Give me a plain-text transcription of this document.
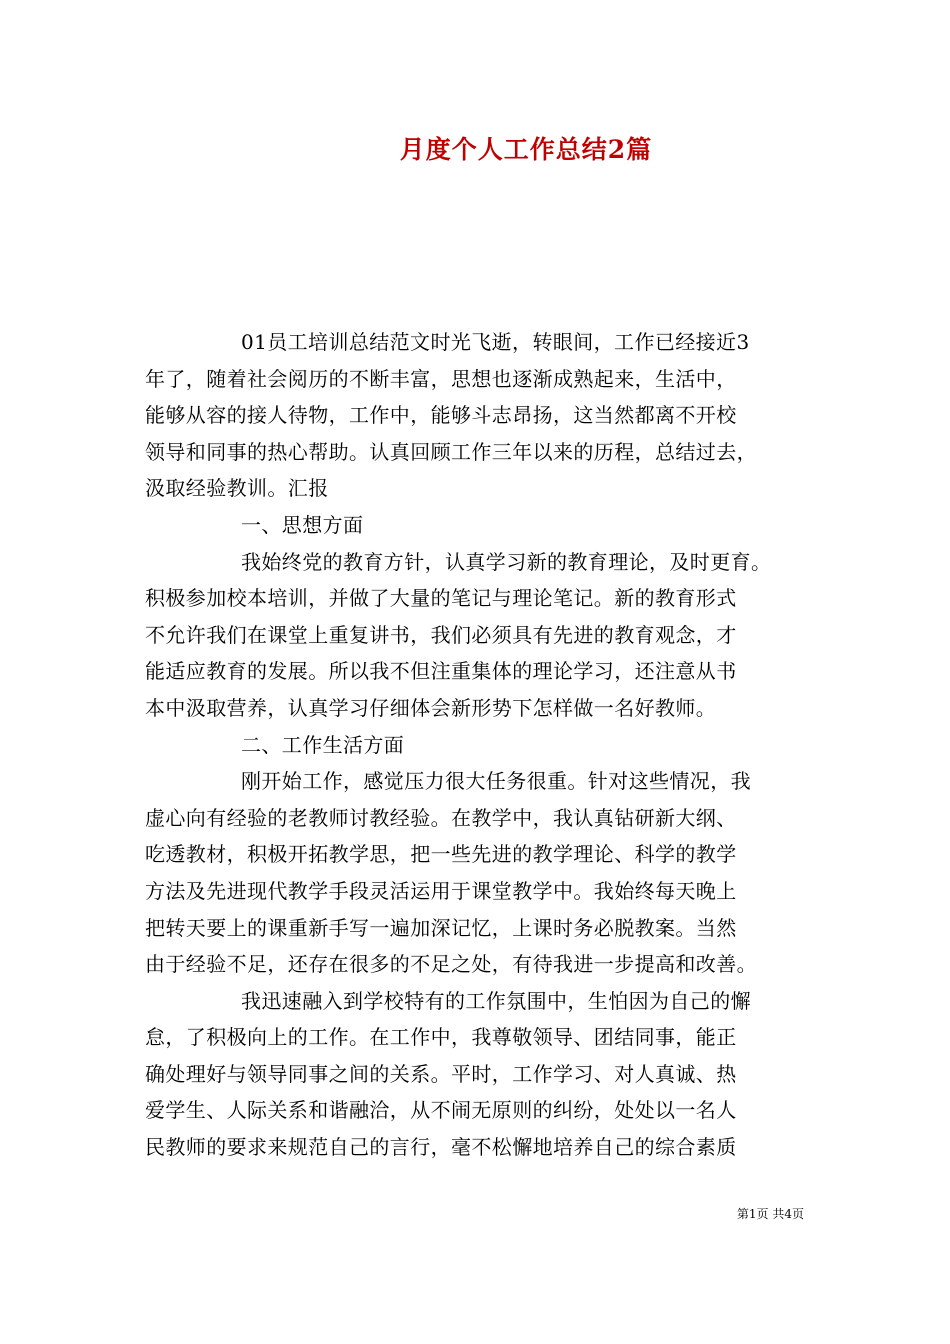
月度个人工作总结2篇
01员工培训总结范文时光飞逝，转眼间，工作已经接近3
年了，随着社会阅历的不断丰富，思想也逐渐成熟起来，生活中，
能够从容的接人待物，工作中，能够斗志昂扬，这当然都离不开校
领导和同事的热心帮助。认真回顾工作三年以来的历程，总结过去，
汲取经验教训。汇报
一、思想方面
我始终党的教育方针，认真学习新的教育理论，及时更育。
积极参加校本培训，并做了大量的笔记与理论笔记。新的教育形式
不允许我们在课堂上重复讲书，我们必须具有先进的教育观念，才
能适应教育的发展。所以我不但注重集体的理论学习，还注意从书
本中汲取营养，认真学习仔细体会新形势下怎样做一名好教师。
二、工作生活方面
刚开始工作，感觉压力很大任务很重。针对这些情况，我
虚心向有经验的老教师讨教经验。在教学中，我认真钻研新大纲、
吃透教材，积极开拓教学思，把一些先进的教学理论、科学的教学
方法及先进现代教学手段灵活运用于课堂教学中。我始终每天晚上
把转天要上的课重新手写一遍加深记忆，上课时务必脱教案。当然
由于经验不足，还存在很多的不足之处，有待我进一步提高和改善。
我迅速融入到学校特有的工作氛围中，生怕因为自己的懈
怠，了积极向上的工作。在工作中，我尊敬领导、团结同事，能正
确处理好与领导同事之间的关系。平时，工作学习、对人真诚、热
爱学生、人际关系和谐融洽，从不闹无原则的纠纷，处处以一名人
民教师的要求来规范自己的言行，毫不松懈地培养自己的综合素质
第1页 共4页
